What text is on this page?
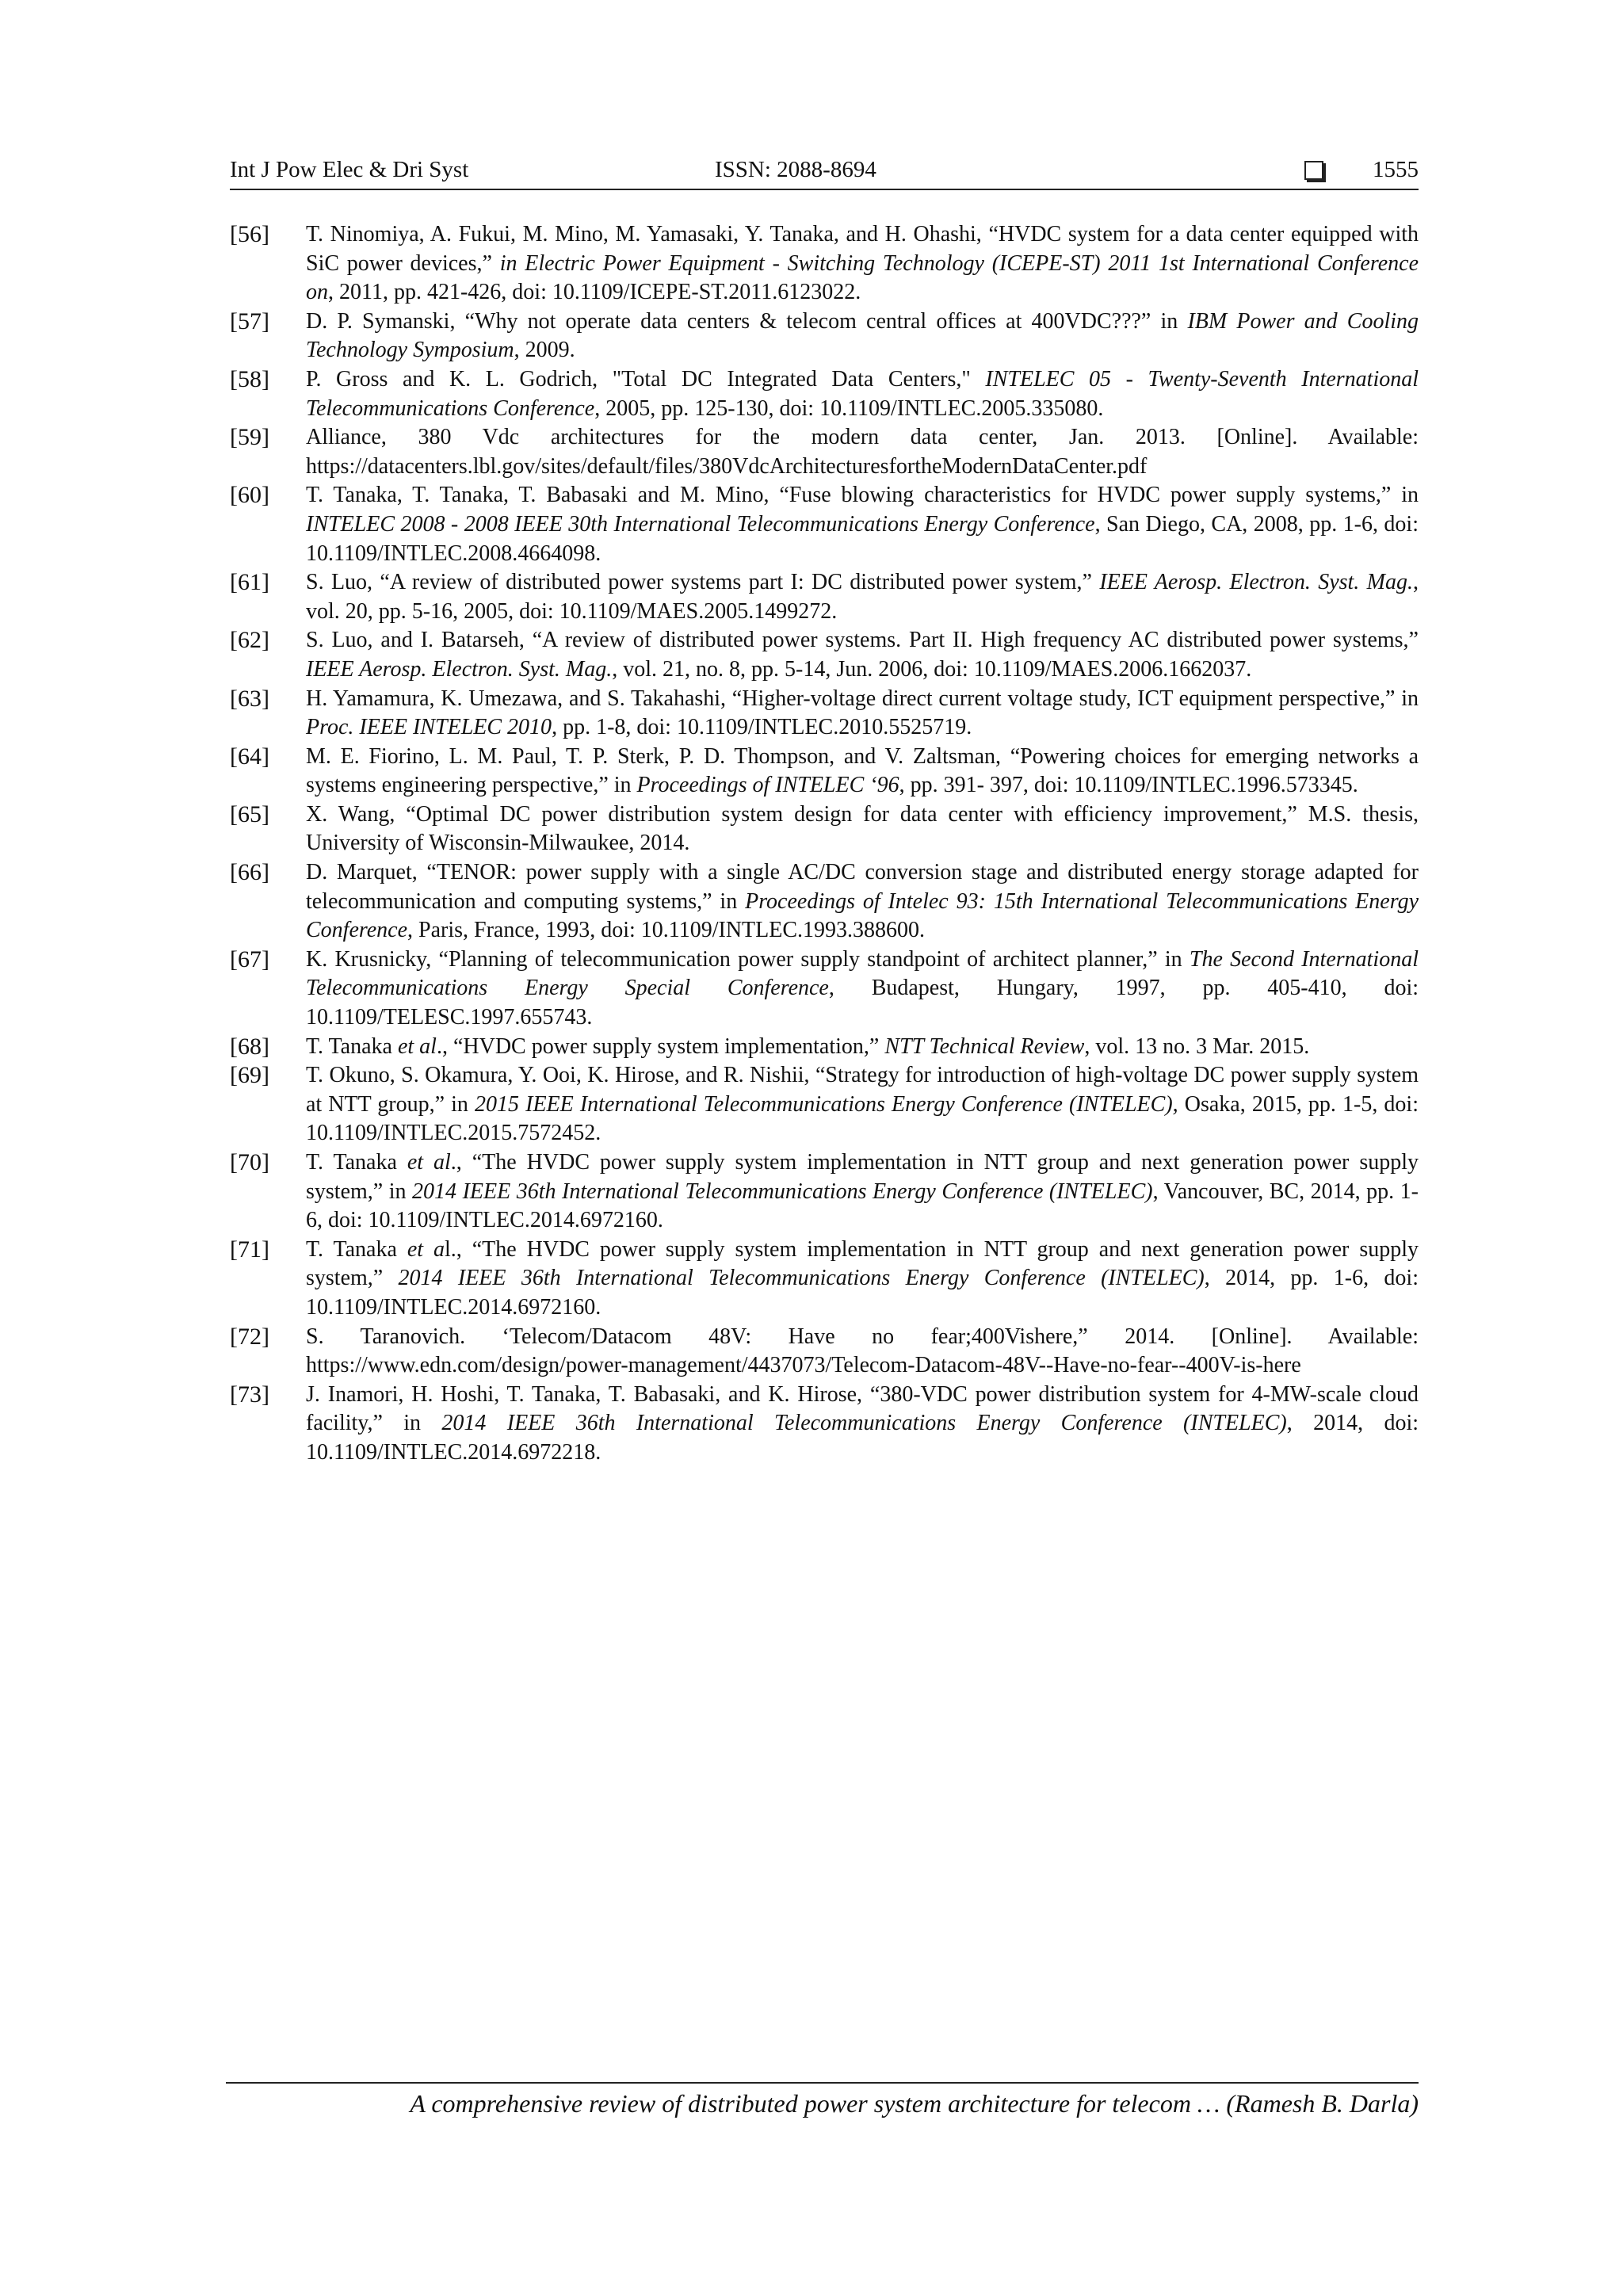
Int J Pow Elec & Dri Syst	ISSN: 2088-8694	1555
[56]	T. Ninomiya, A. Fukui, M. Mino, M. Yamasaki, Y. Tanaka, and H. Ohashi, “HVDC system for a data center equipped with SiC power devices,” in Electric Power Equipment - Switching Technology (ICEPE-ST) 2011 1st International Conference on, 2011, pp. 421-426, doi: 10.1109/ICEPE-ST.2011.6123022.
[57]	D. P. Symanski, “Why not operate data centers & telecom central offices at 400VDC???” in IBM Power and Cooling Technology Symposium, 2009.
[58]	P. Gross and K. L. Godrich, "Total DC Integrated Data Centers," INTELEC 05 - Twenty-Seventh International Telecommunications Conference, 2005, pp. 125-130, doi: 10.1109/INTLEC.2005.335080.
[59]	Alliance, 380 Vdc architectures for the modern data center, Jan. 2013. [Online]. Available: https://datacenters.lbl.gov/sites/default/files/380VdcArchitecturesfortheModernDataCenter.pdf
[60]	T. Tanaka, T. Tanaka, T. Babasaki and M. Mino, “Fuse blowing characteristics for HVDC power supply systems,” in INTELEC 2008 - 2008 IEEE 30th International Telecommunications Energy Conference, San Diego, CA, 2008, pp. 1-6, doi: 10.1109/INTLEC.2008.4664098.
[61]	S. Luo, “A review of distributed power systems part I: DC distributed power system,” IEEE Aerosp. Electron. Syst. Mag., vol. 20, pp. 5-16, 2005, doi: 10.1109/MAES.2005.1499272.
[62]	S. Luo, and I. Batarseh, “A review of distributed power systems. Part II. High frequency AC distributed power systems,” IEEE Aerosp. Electron. Syst. Mag., vol. 21, no. 8, pp. 5-14, Jun. 2006, doi: 10.1109/MAES.2006.1662037.
[63]	H. Yamamura, K. Umezawa, and S. Takahashi, “Higher-voltage direct current voltage study, ICT equipment perspective,” in Proc. IEEE INTELEC 2010, pp. 1-8, doi: 10.1109/INTLEC.2010.5525719.
[64]	M. E. Fiorino, L. M. Paul, T. P. Sterk, P. D. Thompson, and V. Zaltsman, “Powering choices for emerging networks a systems engineering perspective,” in Proceedings of INTELEC ‘96, pp. 391- 397, doi: 10.1109/INTLEC.1996.573345.
[65]	X. Wang, “Optimal DC power distribution system design for data center with efficiency improvement,” M.S. thesis, University of Wisconsin-Milwaukee, 2014.
[66]	D. Marquet, “TENOR: power supply with a single AC/DC conversion stage and distributed energy storage adapted for telecommunication and computing systems,” in Proceedings of Intelec 93: 15th International Telecommunications Energy Conference, Paris, France, 1993, doi: 10.1109/INTLEC.1993.388600.
[67]	K. Krusnicky, “Planning of telecommunication power supply standpoint of architect planner,” in The Second International Telecommunications Energy Special Conference, Budapest, Hungary, 1997, pp. 405-410, doi: 10.1109/TELESC.1997.655743.
[68]	T. Tanaka et al., “HVDC power supply system implementation,” NTT Technical Review, vol. 13 no. 3 Mar. 2015.
[69]	T. Okuno, S. Okamura, Y. Ooi, K. Hirose, and R. Nishii, “Strategy for introduction of high-voltage DC power supply system at NTT group,” in 2015 IEEE International Telecommunications Energy Conference (INTELEC), Osaka, 2015, pp. 1-5, doi: 10.1109/INTLEC.2015.7572452.
[70]	T. Tanaka et al., “The HVDC power supply system implementation in NTT group and next generation power supply system,” in 2014 IEEE 36th International Telecommunications Energy Conference (INTELEC), Vancouver, BC, 2014, pp. 1-6, doi: 10.1109/INTLEC.2014.6972160.
[71]	T. Tanaka et al., “The HVDC power supply system implementation in NTT group and next generation power supply system,” 2014 IEEE 36th International Telecommunications Energy Conference (INTELEC), 2014, pp. 1-6, doi: 10.1109/INTLEC.2014.6972160.
[72]	S. Taranovich. ‘Telecom/Datacom 48V: Have no fear;400Vishere,” 2014. [Online]. Available: https://www.edn.com/design/power-management/4437073/Telecom-Datacom-48V--Have-no-fear--400V-is-here
[73]	J. Inamori, H. Hoshi, T. Tanaka, T. Babasaki, and K. Hirose, “380-VDC power distribution system for 4-MW-scale cloud facility,” in 2014 IEEE 36th International Telecommunications Energy Conference (INTELEC), 2014, doi: 10.1109/INTLEC.2014.6972218.
A comprehensive review of distributed power system architecture for telecom … (Ramesh B. Darla)
